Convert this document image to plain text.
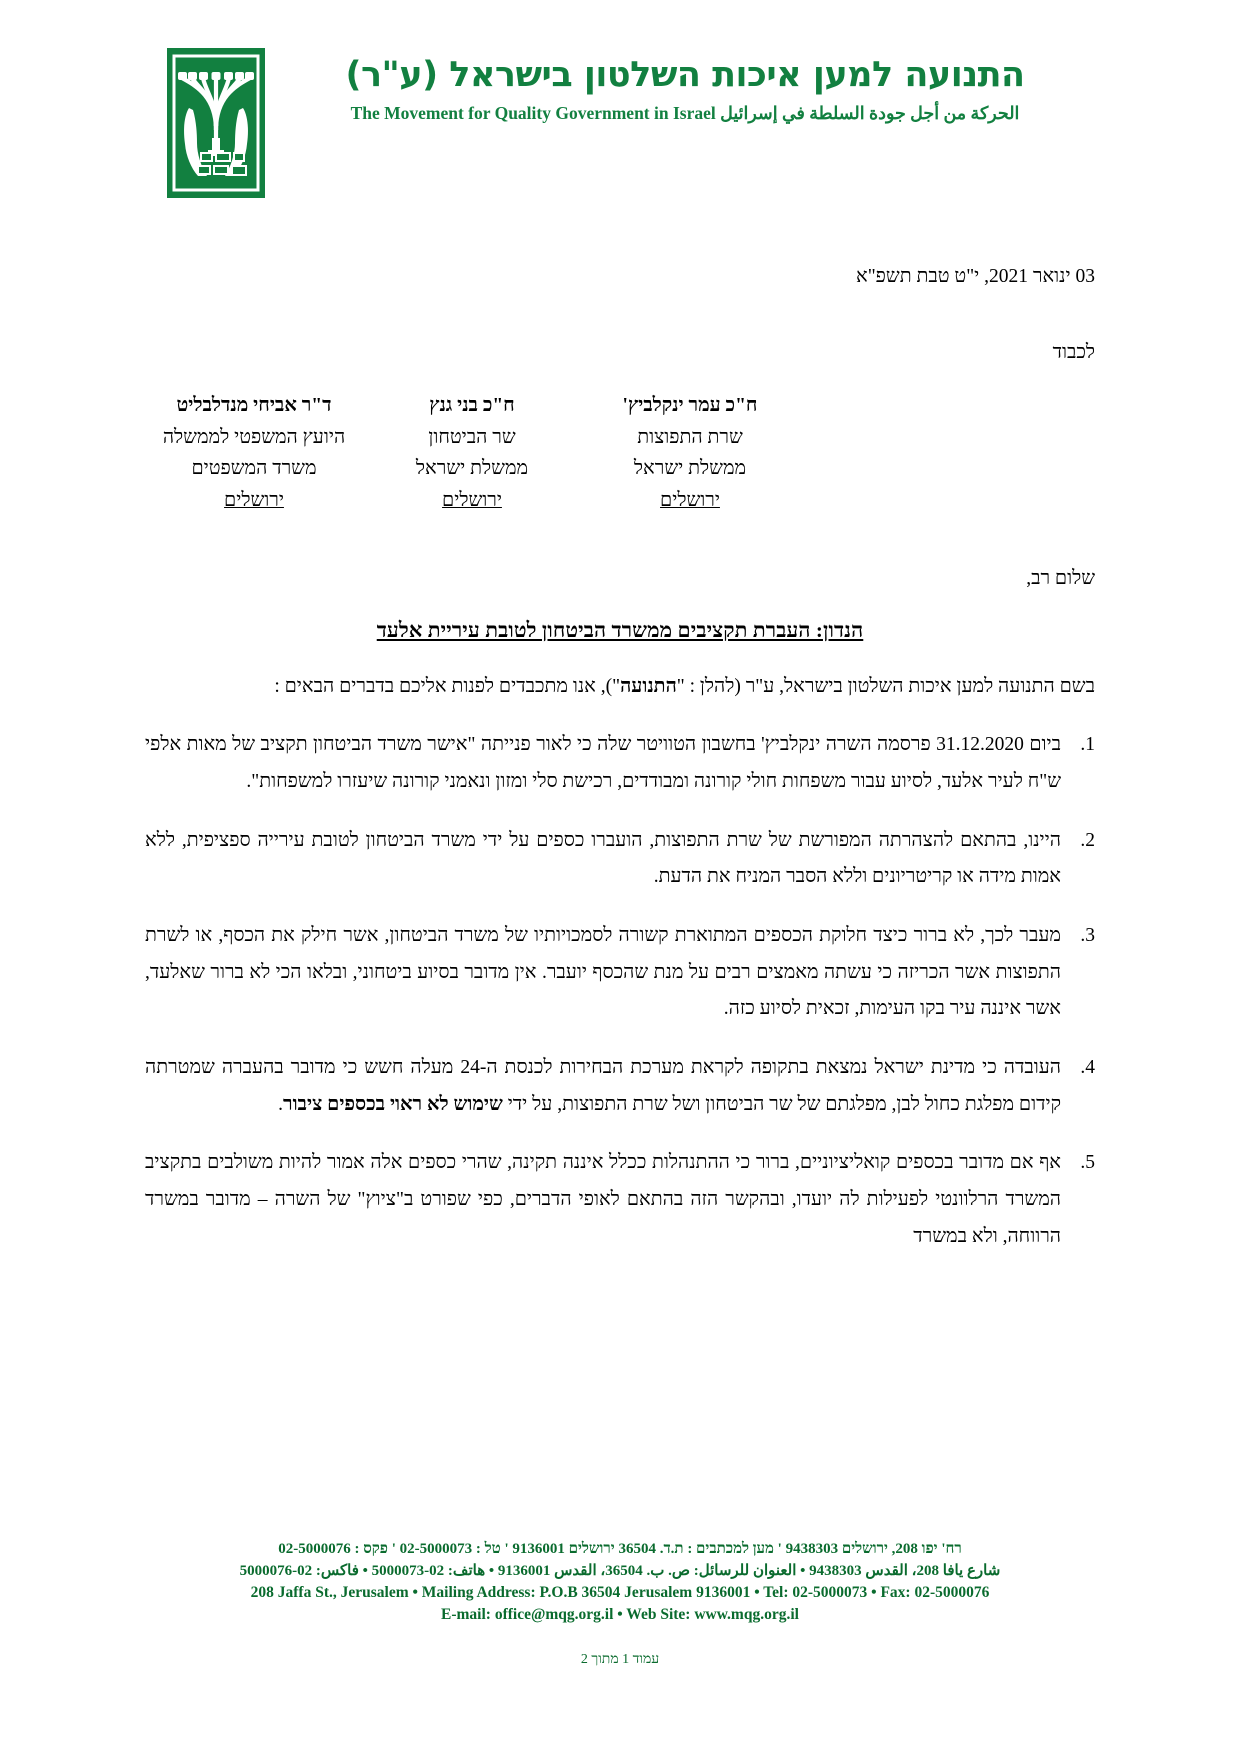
התנועה למען איכות השלטון בישראל (ע"ר)
الحركة من أجل جودة السلطة في إسرائيل The Movement for Quality Government in Israel
03 ינואר 2021, י"ט טבת תשפ"א
לכבוד
ח"כ עמר ינקלביץ'
שרת התפוצות
ממשלת ישראל
ירושלים
ח"כ בני גנץ
שר הביטחון
ממשלת ישראל
ירושלים
ד"ר אביחי מנדלבליט
היועץ המשפטי לממשלה
משרד המשפטים
ירושלים
שלום רב,
הנדון: העברת תקציבים ממשרד הביטחון לטובת עיריית אלעד

בשם התנועה למען איכות השלטון בישראל, ע"ר (להלן : "התנועה"), אנו מתכבדים לפנות אליכם בדברים הבאים :

ביום 31.12.2020 פרסמה השרה ינקלביץ' בחשבון הטוויטר שלה כי לאור פנייתה "אישר משרד הביטחון תקציב של מאות אלפי ש"ח לעיר אלעד, לסיוע עבור משפחות חולי קורונה ומבודדים, רכישת סלי ומזון ונאמני קורונה שיעזרו למשפחות".
היינו, בהתאם להצהרתה המפורשת של שרת התפוצות, הועברו כספים על ידי משרד הביטחון לטובת עירייה ספציפית, ללא אמות מידה או קריטריונים וללא הסבר המניח את הדעת.
מעבר לכך, לא ברור כיצד חלוקת הכספים המתוארת קשורה לסמכויותיו של משרד הביטחון, אשר חילק את הכסף, או לשרת התפוצות אשר הכריזה כי עשתה מאמצים רבים על מנת שהכסף יועבר. אין מדובר בסיוע ביטחוני, ובלאו הכי לא ברור שאלעד, אשר איננה עיר בקו העימות, זכאית לסיוע כזה.
העובדה כי מדינת ישראל נמצאת בתקופה לקראת מערכת הבחירות לכנסת ה-24 מעלה חשש כי מדובר בהעברה שמטרתה קידום מפלגת כחול לבן, מפלגתם של שר הביטחון ושל שרת התפוצות, על ידי שימוש לא ראוי בכספים ציבור.
אף אם מדובר בכספים קואליציוניים, ברור כי ההתנהלות ככלל איננה תקינה, שהרי כספים אלה אמור להיות משולבים בתקציב המשרד הרלוונטי לפעילות לה יועדו, ובהקשר הזה בהתאם לאופי הדברים, כפי שפורט ב"ציוץ" של השרה – מדובר במשרד הרווחה, ולא במשרד
רח' יפו 208, ירושלים 9438303 ' מען למכתבים : ת.ד. 36504 ירושלים 9136001 ' טל : 02-5000073 ' פקס : 02-5000076
شارع يافا 208، القدس 9438303 • العنوان للرسائل: ص. ب. 36504، القدس 9136001 • هاتف: 02-5000073 • فاكس: 02-5000076
208 Jaffa St., Jerusalem • Mailing Address: P.O.B 36504 Jerusalem 9136001 • Tel: 02-5000073 • Fax: 02-5000076
E-mail: office@mqg.org.il • Web Site: www.mqg.org.il
עמוד 1 מתוך 2
